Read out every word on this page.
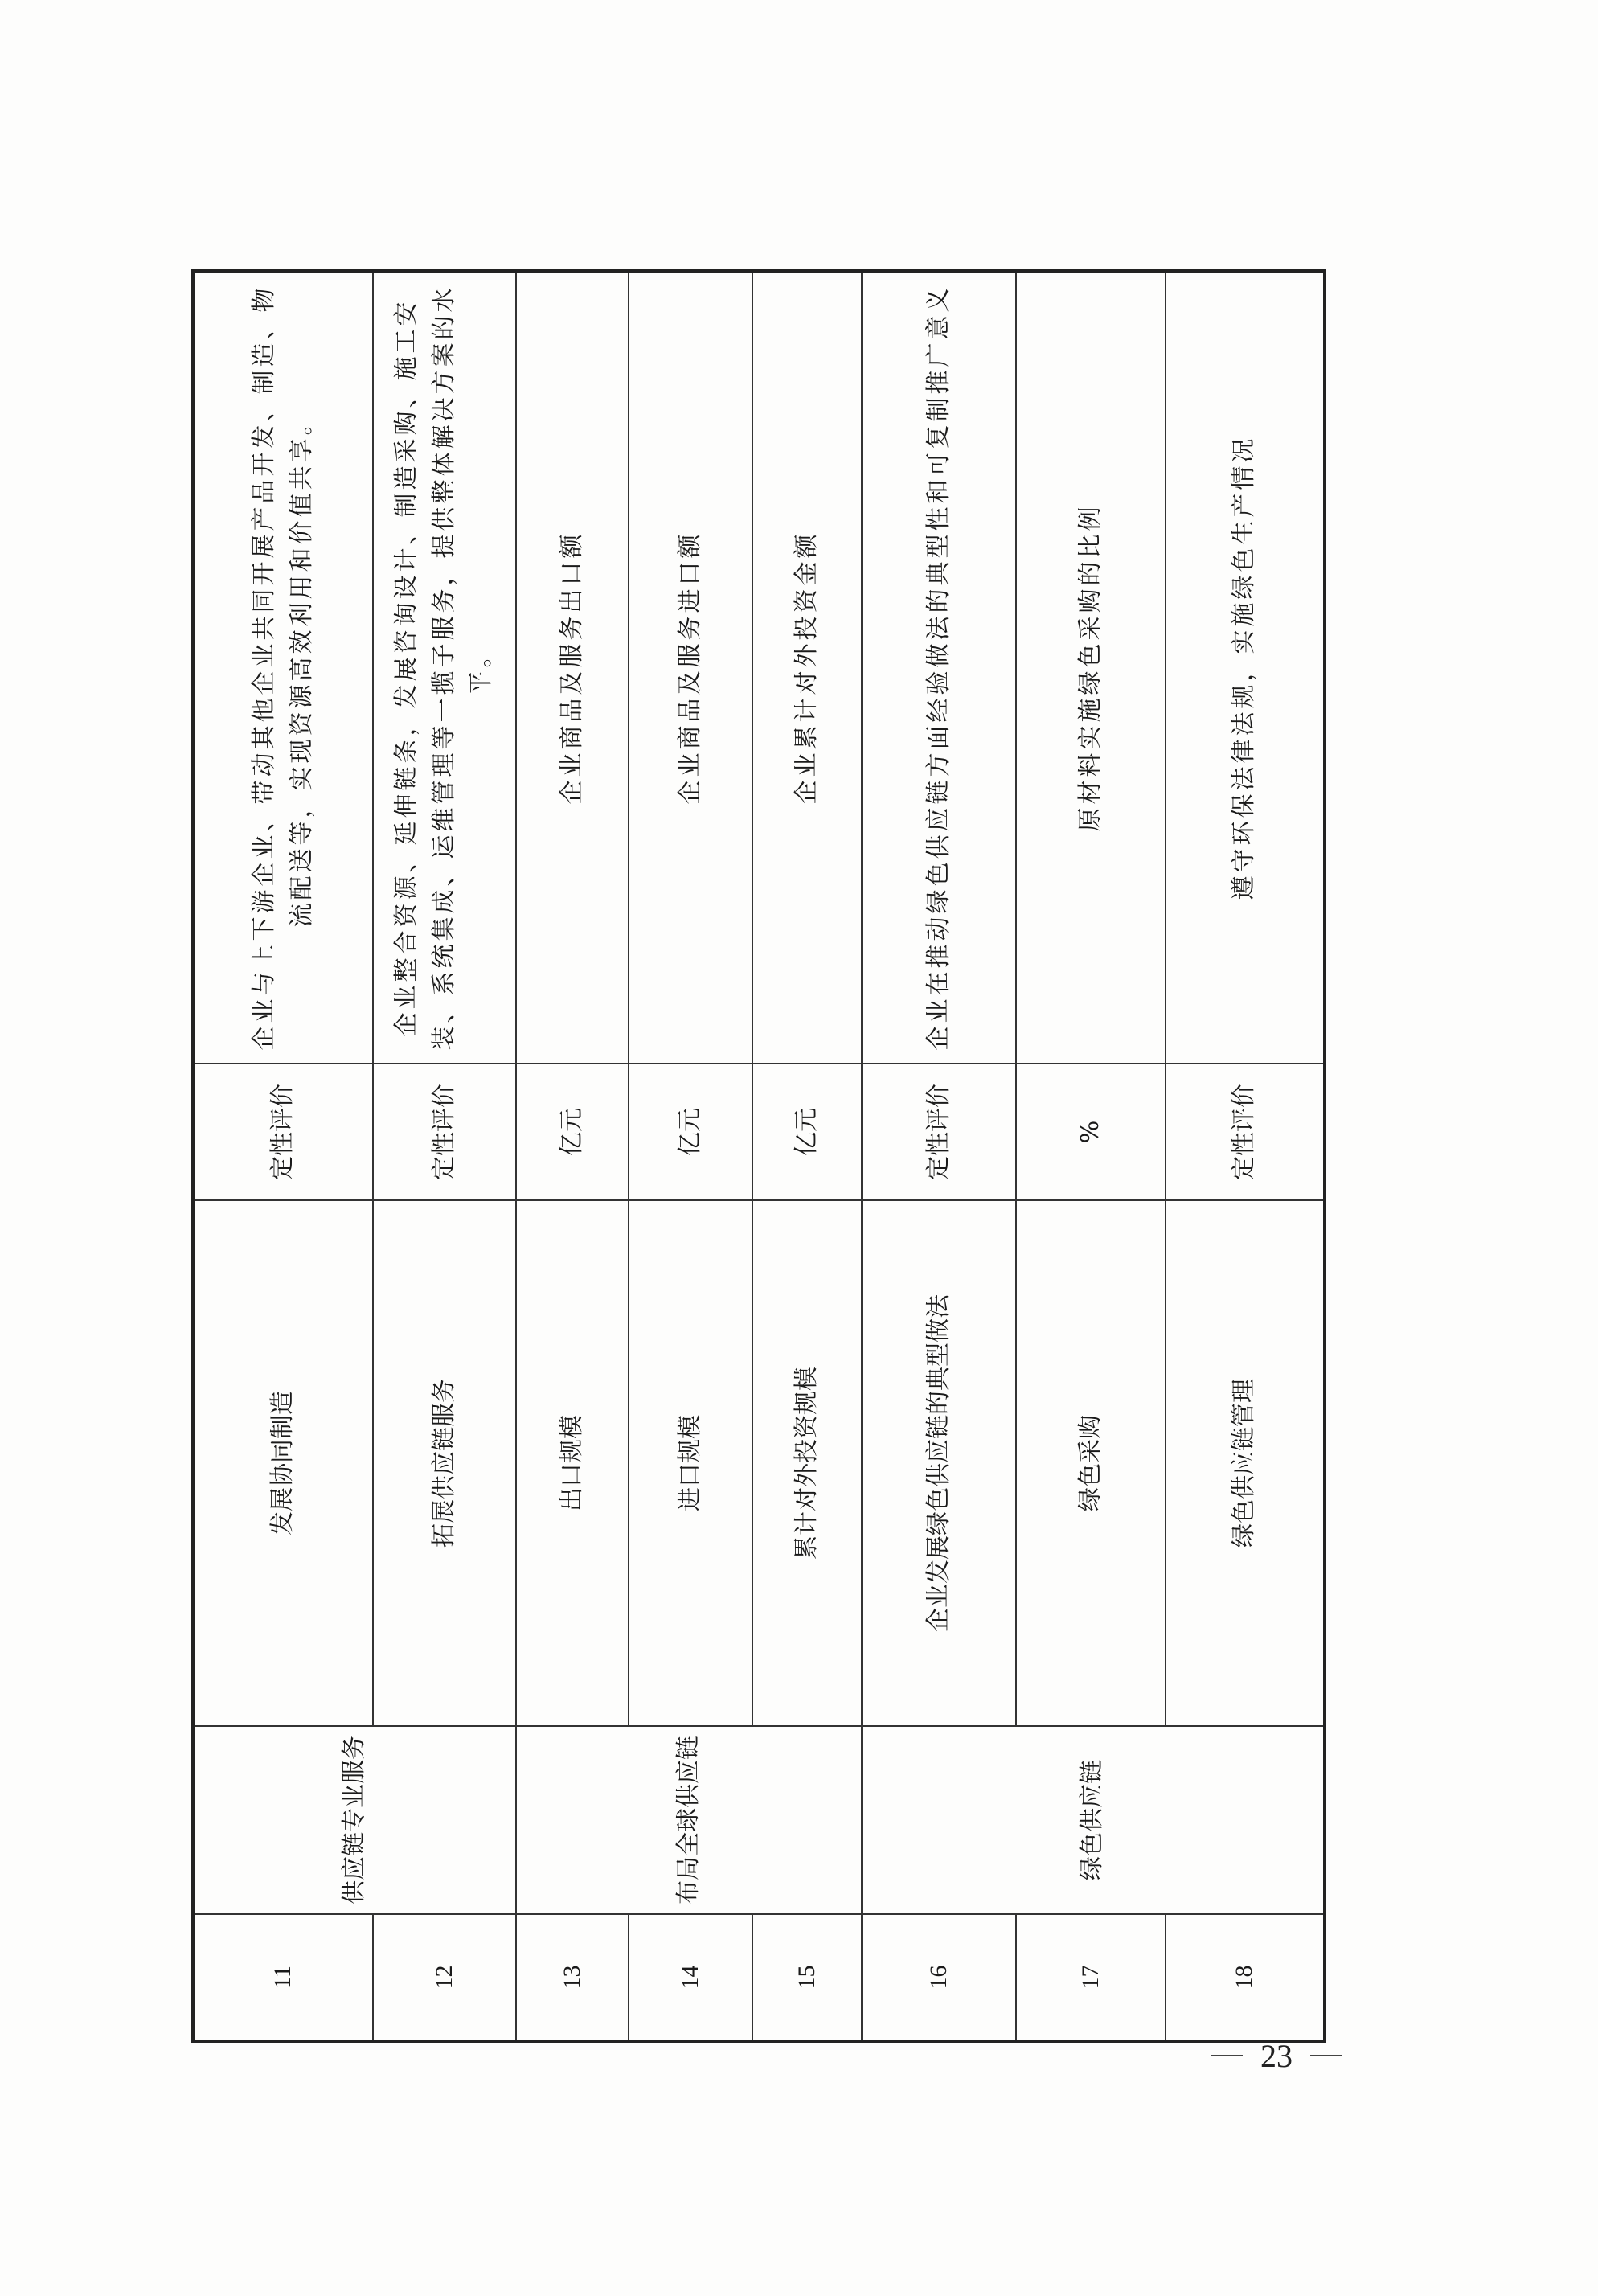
11	供应链专业服务	发展协同制造	定性评价	企业与上下游企业、带动其他企业共同开展产品开发、制造、物流配送等，实现资源高效利用和价值共享。
12		拓展供应链服务	定性评价	企业整合资源、延伸链条，发展咨询设计、制造采购、施工安装、系统集成、运维管理等一揽子服务，提供整体解决方案的水平。
13	布局全球供应链	出口规模	亿元	企业商品及服务出口额
14		进口规模	亿元	企业商品及服务进口额
15		累计对外投资规模	亿元	企业累计对外投资金额
16	绿色供应链	企业发展绿色供应链的典型做法	定性评价	企业在推动绿色供应链方面经验做法的典型性和可复制推广意义
17		绿色采购	%	原材料实施绿色采购的比例
18		绿色供应链管理	定性评价	遵守环保法律法规，实施绿色生产情况
23
